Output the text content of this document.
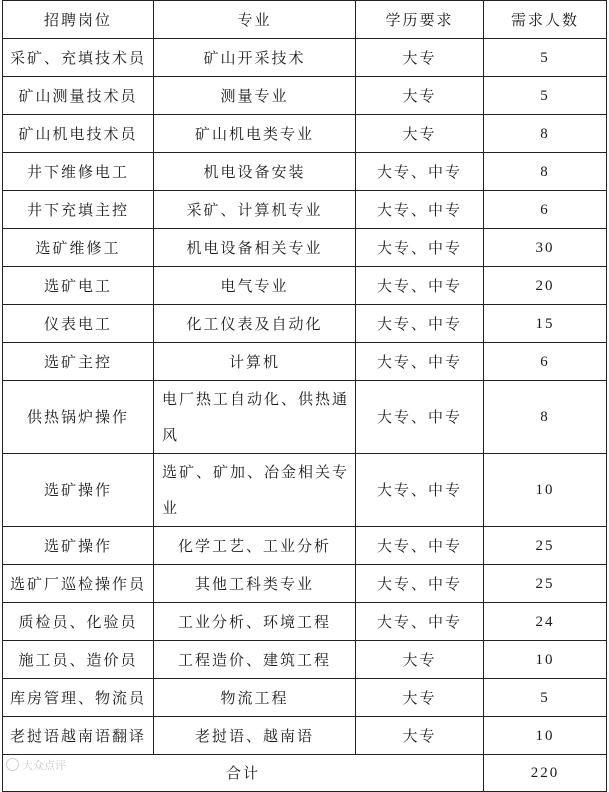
招聘岗位	专业	学历要求	需求人数
采矿、充填技术员	矿山开采技术	大专	5
矿山测量技术员	测量专业	大专	5
矿山机电技术员	矿山机电类专业	大专	8
井下维修电工	机电设备安装	大专、中专	8
井下充填主控	采矿、计算机专业	大专、中专	6
选矿维修工	机电设备相关专业	大专、中专	30
选矿电工	电气专业	大专、中专	20
仪表电工	化工仪表及自动化	大专、中专	15
选矿主控	计算机	大专、中专	6
供热锅炉操作	电厂热工自动化、供热通风	大专、中专	8
选矿操作	选矿、矿加、冶金相关专业	大专、中专	10
选矿操作	化学工艺、工业分析	大专、中专	25
选矿厂巡检操作员	其他工科类专业	大专、中专	25
质检员、化验员	工业分析、环境工程	大专、中专	24
施工员、造价员	工程造价、建筑工程	大专	10
库房管理、物流员	物流工程	大专	5
老挝语越南语翻译	老挝语、越南语	大专	10
合计			220
大众点评
